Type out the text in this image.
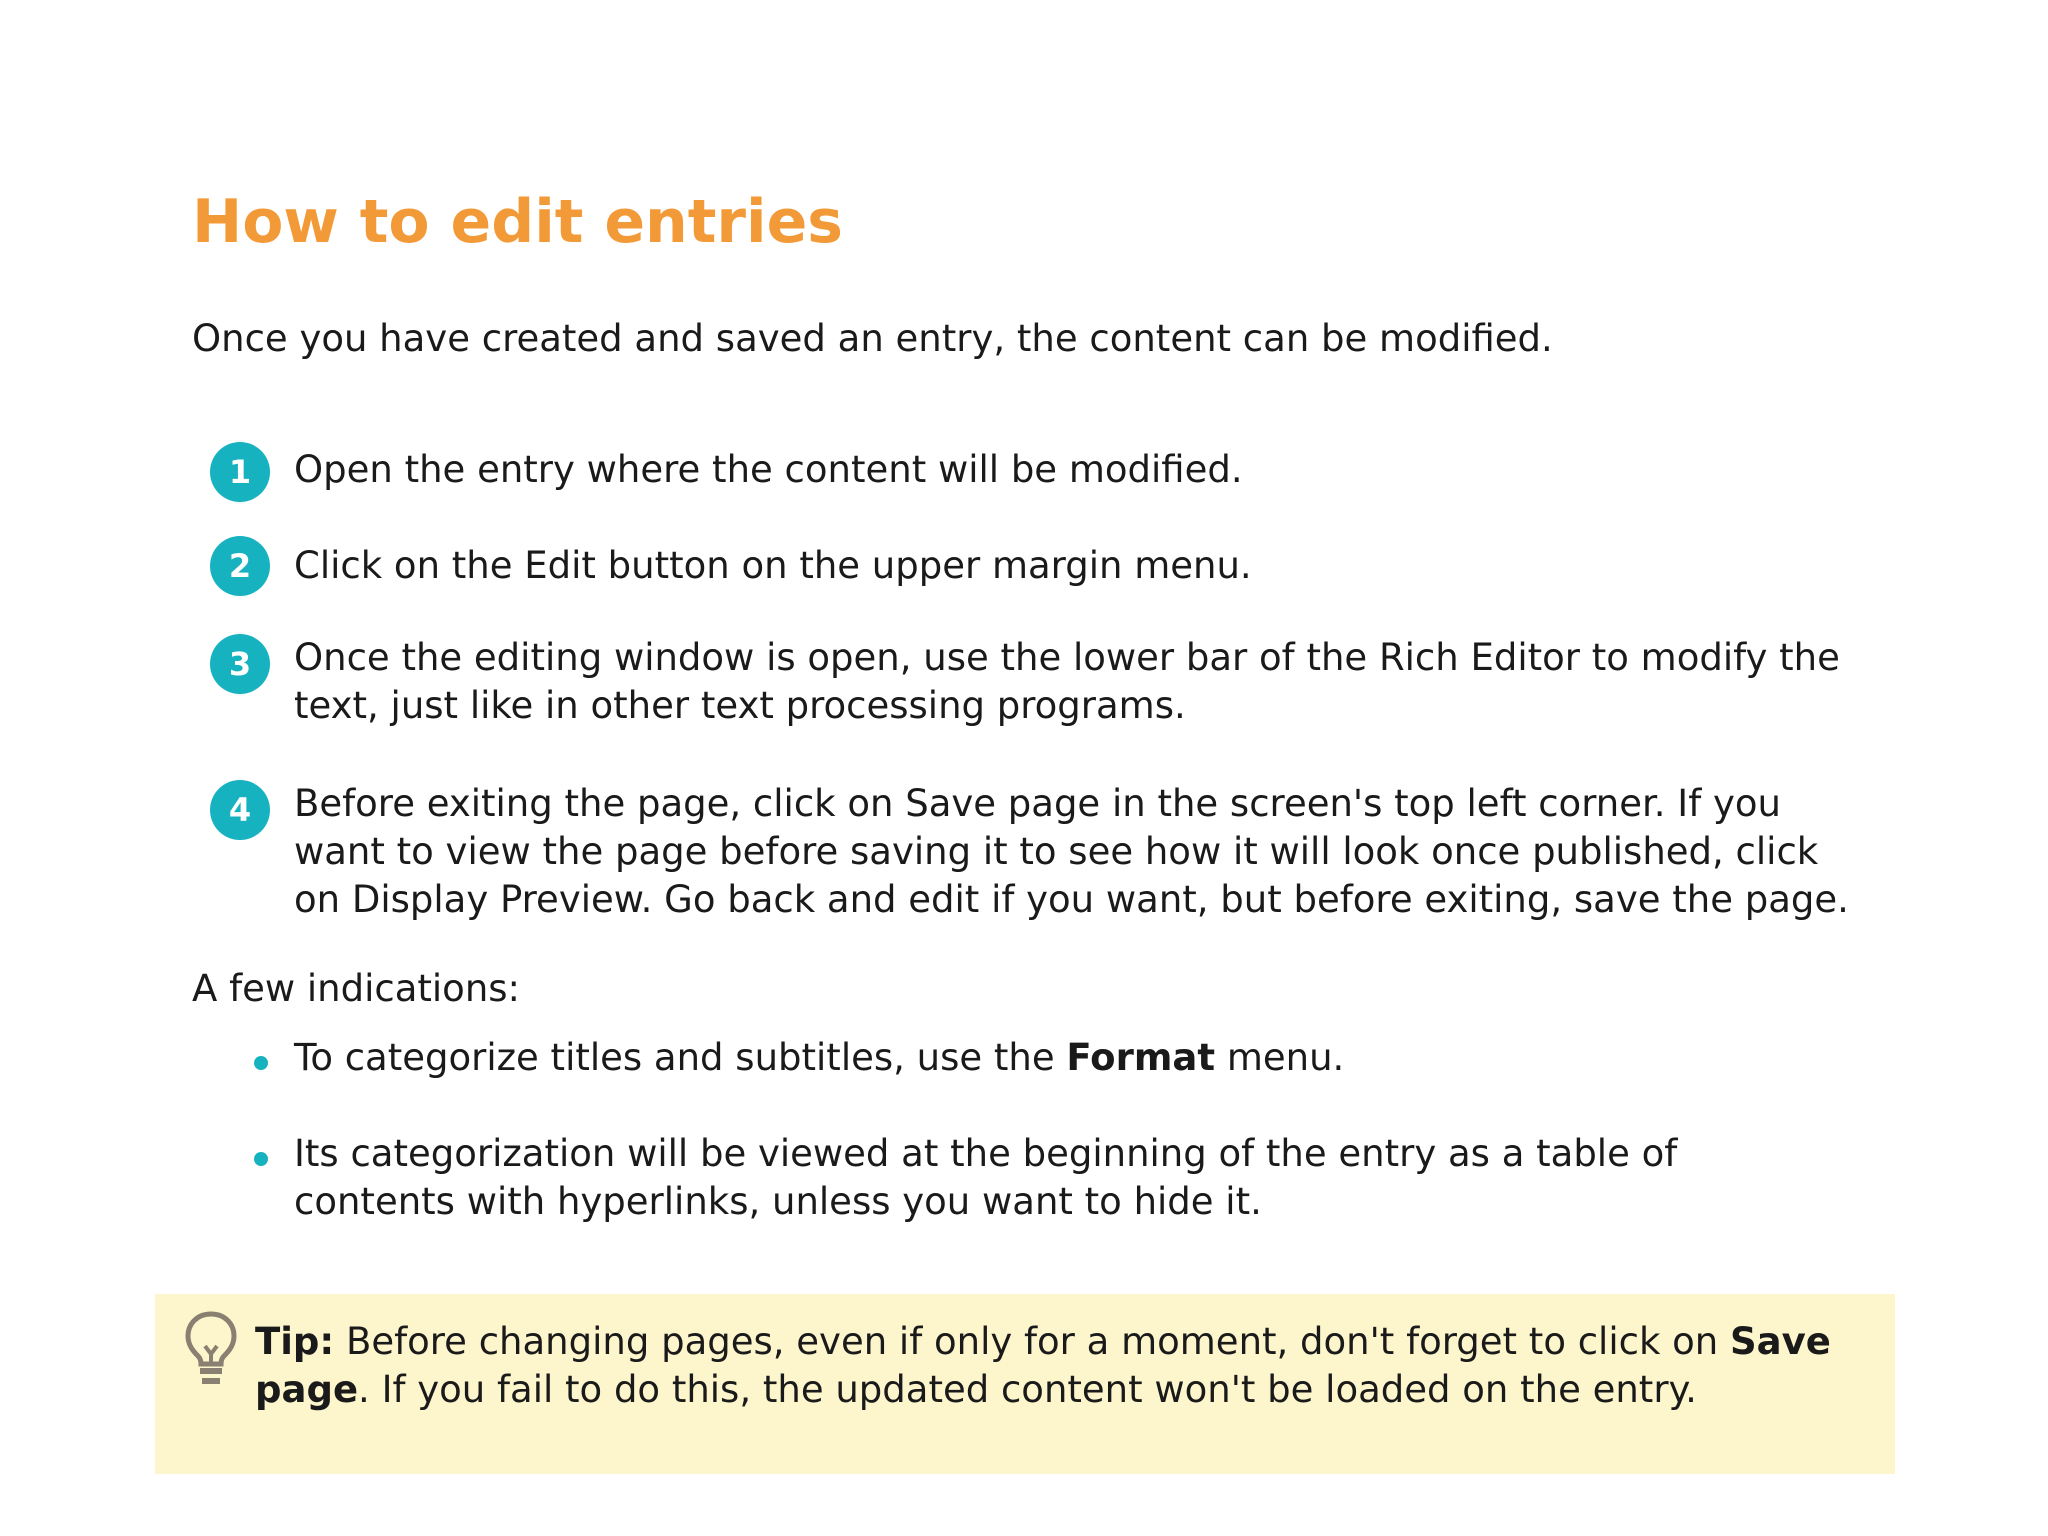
How to edit entries

Once you have created and saved an entry, the content can be modified.

1	Open the entry where the content will be modified.
2	Click on the Edit button on the upper margin menu.
3	Once the editing window is open, use the lower bar of the Rich Editor to modify the text, just like in other text processing programs.
4	Before exiting the page, click on Save page in the screen's top left corner. If you want to view the page before saving it to see how it will look once published, click on Display Preview. Go back and edit if you want, but before exiting, save the page.

A few indications:

To categorize titles and subtitles, use the Format menu.
Its categorization will be viewed at the beginning of the entry as a table of contents with hyperlinks, unless you want to hide it.
Tip: Before changing pages, even if only for a moment, don't forget to click on Save page. If you fail to do this, the updated content won't be loaded on the entry.
